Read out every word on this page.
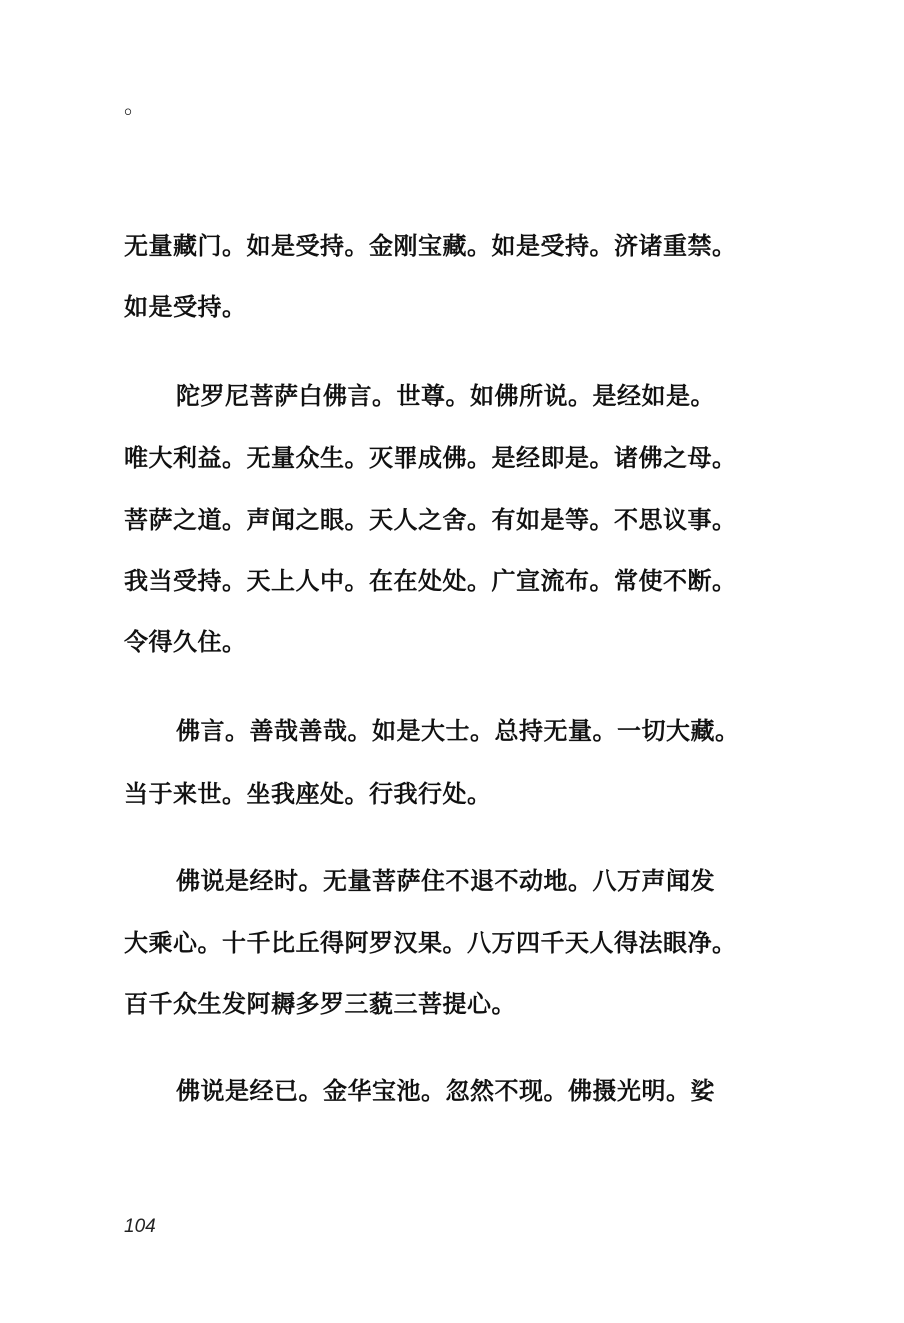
。
无量藏门。如是受持。金刚宝藏。如是受持。济诸重禁。
如是受持。
陀罗尼菩萨白佛言。世尊。如佛所说。是经如是。
唯大利益。无量众生。灭罪成佛。是经即是。诸佛之母。
菩萨之道。声闻之眼。天人之舍。有如是等。不思议事。
我当受持。天上人中。在在处处。广宣流布。常使不断。
令得久住。
佛言。善哉善哉。如是大士。总持无量。一切大藏。
当于来世。坐我座处。行我行处。
佛说是经时。无量菩萨住不退不动地。八万声闻发
大乘心。十千比丘得阿罗汉果。八万四千天人得法眼净。
百千众生发阿耨多罗三藐三菩提心。
佛说是经已。金华宝池。忽然不现。佛摄光明。娑
104
